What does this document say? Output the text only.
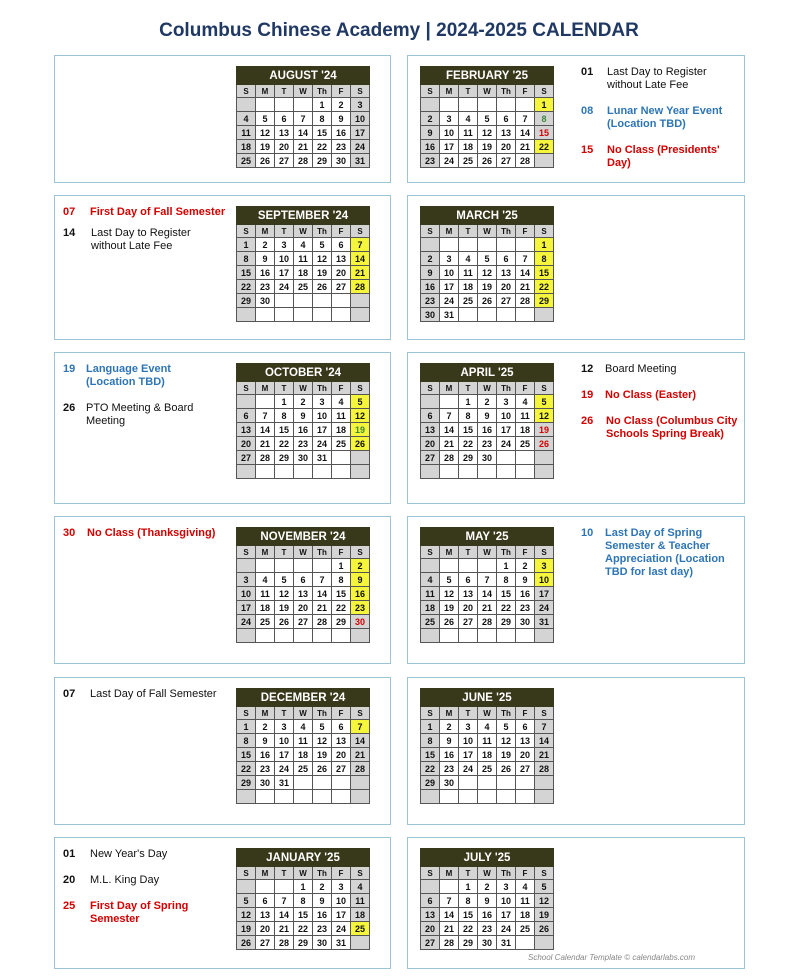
Columbus Chinese Academy | 2024-2025 CALENDAR
AUGUST '24						
S	M	T	W	Th	F	S
				1	2	3
4	5	6	7	8	9	10
11	12	13	14	15	16	17
18	19	20	21	22	23	24
25	26	27	28	29	30	31
FEBRUARY '25						
S	M	T	W	Th	F	S
						1
2	3	4	5	6	7	8
9	10	11	12	13	14	15
16	17	18	19	20	21	22
23	24	25	26	27	28	
SEPTEMBER '24						
S	M	T	W	Th	F	S
1	2	3	4	5	6	7
8	9	10	11	12	13	14
15	16	17	18	19	20	21
22	23	24	25	26	27	28
29	30					

MARCH '25						
S	M	T	W	Th	F	S
						1
2	3	4	5	6	7	8
9	10	11	12	13	14	15
16	17	18	19	20	21	22
23	24	25	26	27	28	29
30	31					
OCTOBER '24						
S	M	T	W	Th	F	S
		1	2	3	4	5
6	7	8	9	10	11	12
13	14	15	16	17	18	19
20	21	22	23	24	25	26
27	28	29	30	31		

APRIL '25						
S	M	T	W	Th	F	S
		1	2	3	4	5
6	7	8	9	10	11	12
13	14	15	16	17	18	19
20	21	22	23	24	25	26
27	28	29	30			

NOVEMBER '24						
S	M	T	W	Th	F	S
					1	2
3	4	5	6	7	8	9
10	11	12	13	14	15	16
17	18	19	20	21	22	23
24	25	26	27	28	29	30

MAY '25						
S	M	T	W	Th	F	S
				1	2	3
4	5	6	7	8	9	10
11	12	13	14	15	16	17
18	19	20	21	22	23	24
25	26	27	28	29	30	31

DECEMBER '24						
S	M	T	W	Th	F	S
1	2	3	4	5	6	7
8	9	10	11	12	13	14
15	16	17	18	19	20	21
22	23	24	25	26	27	28
29	30	31				

JUNE '25						
S	M	T	W	Th	F	S
1	2	3	4	5	6	7
8	9	10	11	12	13	14
15	16	17	18	19	20	21
22	23	24	25	26	27	28
29	30					

JANUARY '25						
S	M	T	W	Th	F	S
			1	2	3	4
5	6	7	8	9	10	11
12	13	14	15	16	17	18
19	20	21	22	23	24	25
26	27	28	29	30	31	
JULY '25						
S	M	T	W	Th	F	S
		1	2	3	4	5
6	7	8	9	10	11	12
13	14	15	16	17	18	19
20	21	22	23	24	25	26
27	28	29	30	31		
01 Last Day to Register
without Late Fee
08 Lunar New Year Event
(Location TBD)
15 No Class (Presidents'
Day)
07 First Day of Fall Semester
14 Last Day to Register
without Late Fee
19 Language Event
(Location TBD)
26 PTO Meeting & Board
Meeting
12 Board Meeting
19 No Class (Easter)
26 No Class (Columbus City
Schools Spring Break)
30 No Class (Thanksgiving)	10 Last Day of Spring
Semester & Teacher
Appreciation (Location
TBD for last day)
07 Last Day of Fall Semester
01 New Year's Day
20 M.L. King Day
25 First Day of Spring
Semester
School Calendar Template © calendarlabs.com
